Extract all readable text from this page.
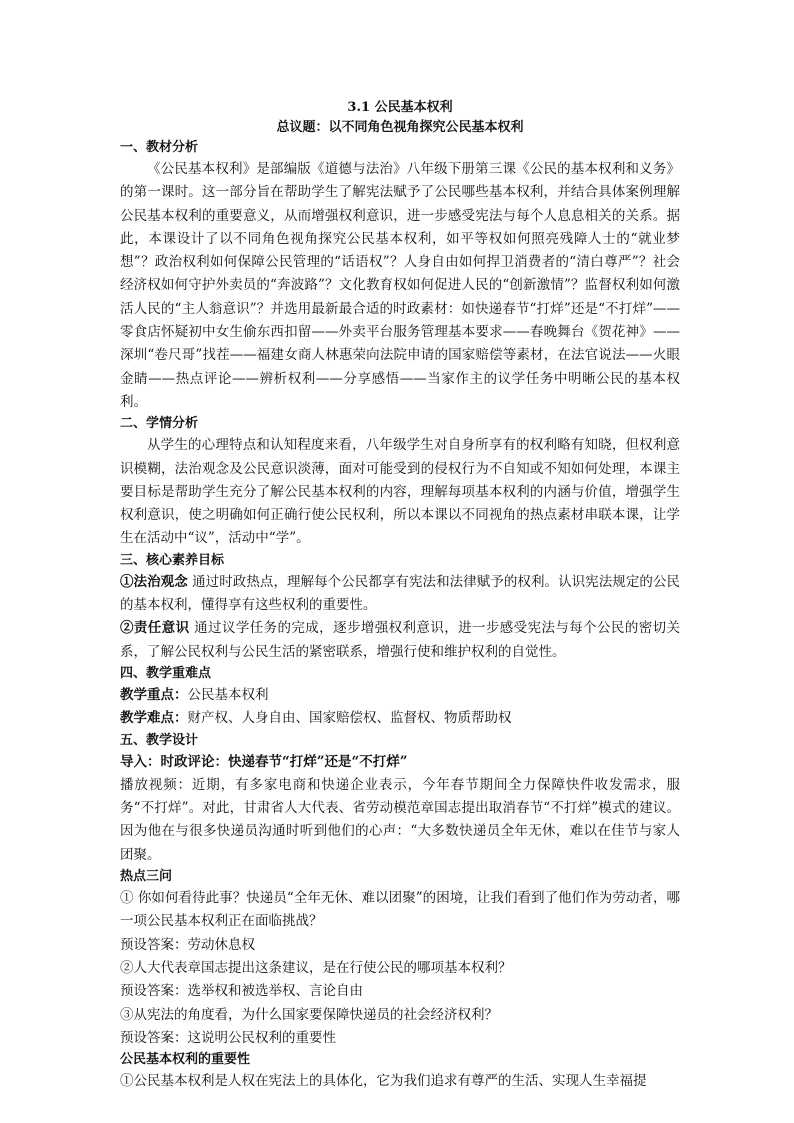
3.1 公民基本权利

总议题：以不同角色视角探究公民基本权利

一、教材分析

《公民基本权利》是部编版《道德与法治》八年级下册第三课《公民的基本权利和义务》的第一课时。这一部分旨在帮助学生了解宪法赋予了公民哪些基本权利，并结合具体案例理解公民基本权利的重要意义，从而增强权利意识，进一步感受宪法与每个人息息相关的关系。据此，本课设计了以不同角色视角探究公民基本权利，如平等权如何照亮残障人士的“就业梦想”？政治权利如何保障公民管理的“话语权”？人身自由如何捍卫消费者的“清白尊严”？社会经济权如何守护外卖员的“奔波路”？文化教育权如何促进人民的“创新激情”？监督权利如何激活人民的“主人翁意识”？并选用最新最合适的时政素材：如快递春节“打烊”还是“不打烊”——零食店怀疑初中女生偷东西扣留——外卖平台服务管理基本要求——春晚舞台《贺花神》——深圳“卷尺哥”找茬——福建女商人林惠荣向法院申请的国家赔偿等素材，在法官说法——火眼金睛——热点评论——辨析权利——分享感悟——当家作主的议学任务中明晰公民的基本权利。

二、学情分析

从学生的心理特点和认知程度来看，八年级学生对自身所享有的权利略有知晓，但权利意识模糊，法治观念及公民意识淡薄，面对可能受到的侵权行为不自知或不知如何处理，本课主要目标是帮助学生充分了解公民基本权利的内容，理解每项基本权利的内涵与价值，增强学生权利意识，使之明确如何正确行使公民权利，所以本课以不同视角的热点素材串联本课，让学生在活动中“议”，活动中“学”。

三、核心素养目标

①法治观念 通过时政热点，理解每个公民都享有宪法和法律赋予的权利。认识宪法规定的公民的基本权利，懂得享有这些权利的重要性。

②责任意识 通过议学任务的完成，逐步增强权利意识，进一步感受宪法与每个公民的密切关系，了解公民权利与公民生活的紧密联系，增强行使和维护权利的自觉性。

四、教学重难点

教学重点：公民基本权利

教学难点：财产权、人身自由、国家赔偿权、监督权、物质帮助权

五、教学设计

导入：时政评论：快递春节“打烊”还是“不打烊”

播放视频：近期，有多家电商和快递企业表示，今年春节期间全力保障快件收发需求，服务“不打烊”。对此，甘肃省人大代表、省劳动模范章国志提出取消春节“不打烊”模式的建议。因为他在与很多快递员沟通时听到他们的心声：“大多数快递员全年无休，难以在佳节与家人团聚。

热点三问

① 你如何看待此事？快递员“全年无休、难以团聚”的困境，让我们看到了他们作为劳动者，哪一项公民基本权利正在面临挑战？

预设答案：劳动休息权

②人大代表章国志提出这条建议，是在行使公民的哪项基本权利？

预设答案：选举权和被选举权、言论自由

③从宪法的角度看，为什么国家要保障快递员的社会经济权利？

预设答案：这说明公民权利的重要性

公民基本权利的重要性

①公民基本权利是人权在宪法上的具体化，它为我们追求有尊严的生活、实现人生幸福提
